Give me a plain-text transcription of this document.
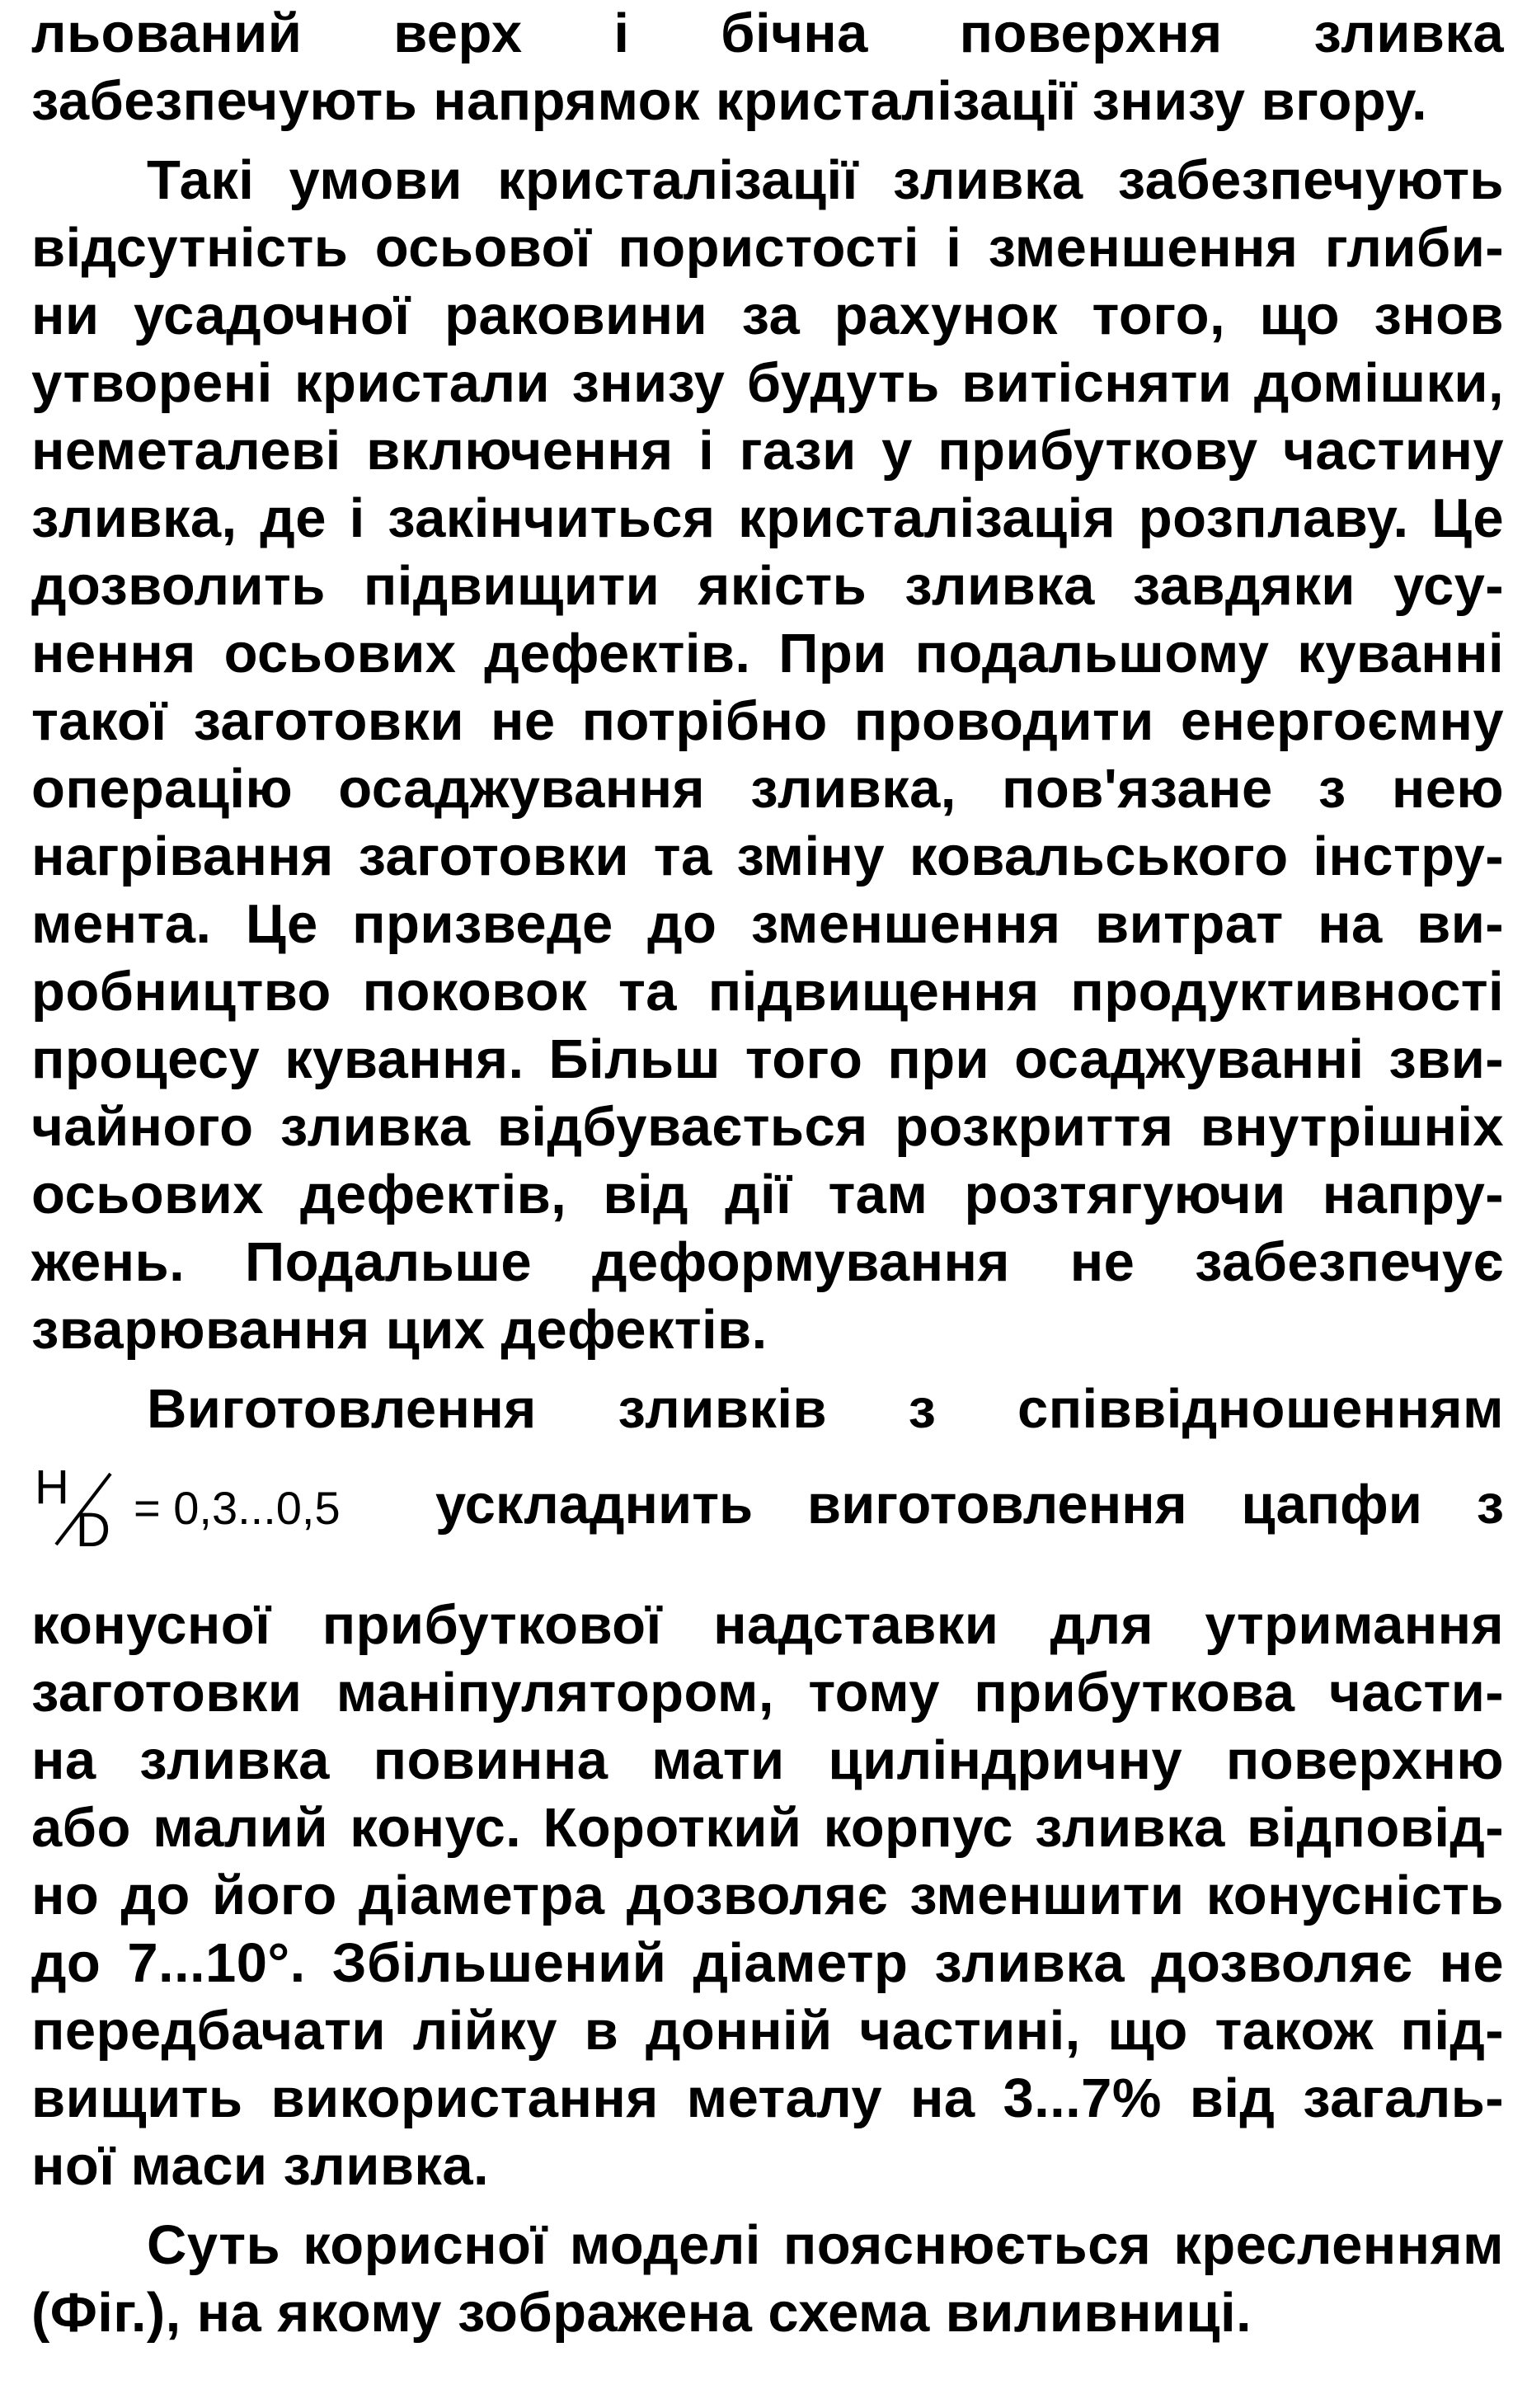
льований верх і бічна поверхня зливка
забезпечують напрямок кристалізації знизу вгору.
Такі умови кристалізації зливка забезпечують
відсутність осьової пористості і зменшення глиби-
ни усадочної раковини за рахунок того, що знов
утворені кристали знизу будуть витісняти домішки,
неметалеві включення і гази у прибуткову частину
зливка, де і закінчиться кристалізація розплаву. Це
дозволить підвищити якість зливка завдяки усу-
нення осьових дефектів. При подальшому куванні
такої заготовки не потрібно проводити енергоємну
операцію осаджування зливка, пов'язане з нею
нагрівання заготовки та зміну ковальського інстру-
мента. Це призведе до зменшення витрат на ви-
робництво поковок та підвищення продуктивності
процесу кування. Більш того при осаджуванні зви-
чайного зливка відбувається розкриття внутрішніх
осьових дефектів, від дії там розтягуючи напру-
жень. Подальше деформування не забезпечує
зварювання цих дефектів.
Виготовлення зливків з співвідношенням
H
D = 0,3...0,5 ускладнить виготовлення цапфи з
конусної прибуткової надставки для утримання
заготовки маніпулятором, тому прибуткова части-
на зливка повинна мати циліндричну поверхню
або малий конус. Короткий корпус зливка відповід-
но до його діаметра дозволяє зменшити конусність
до 7...10°. Збільшений діаметр зливка дозволяє не
передбачати лійку в донній частині, що також під-
вищить використання металу на 3...7% від загаль-
ної маси зливка.
Суть корисної моделі пояснюється кресленням
(Фіг.), на якому зображена схема виливниці.
